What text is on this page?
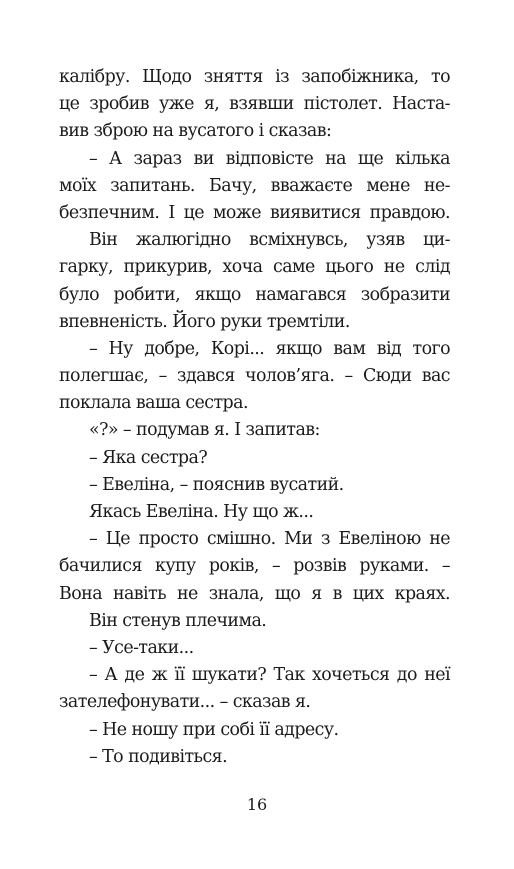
калібру. Щодо зняття із запобіжника, то
це зробив уже я, взявши пістолет. Наста-
вив зброю на вусатого і сказав:
– А зараз ви відповісте на ще кілька
моїх запитань. Бачу, вважаєте мене не-
безпечним. І це може виявитися правдою.
Він жалюгідно всміхнувсь, узяв ци-
гарку, прикурив, хоча саме цього не слід
було робити, якщо намагався зобразити
впевненість. Його руки тремтіли.
– Ну добре, Корі... якщо вам від того
полегшає, – здався чолов’яга. – Сюди вас
поклала ваша сестра.
«?» – подумав я. І запитав:
– Яка сестра?
– Евеліна, – пояснив вусатий.
Якась Евеліна. Ну що ж...
– Це просто смішно. Ми з Евеліною не
бачилися купу років, – розвів руками. –
Вона навіть не знала, що я в цих краях.
Він стенув плечима.
– Усе-таки...
– А де ж її шукати? Так хочеться до неї
зателефонувати... – сказав я.
– Не ношу при собі її адресу.
– То подивіться.
16
